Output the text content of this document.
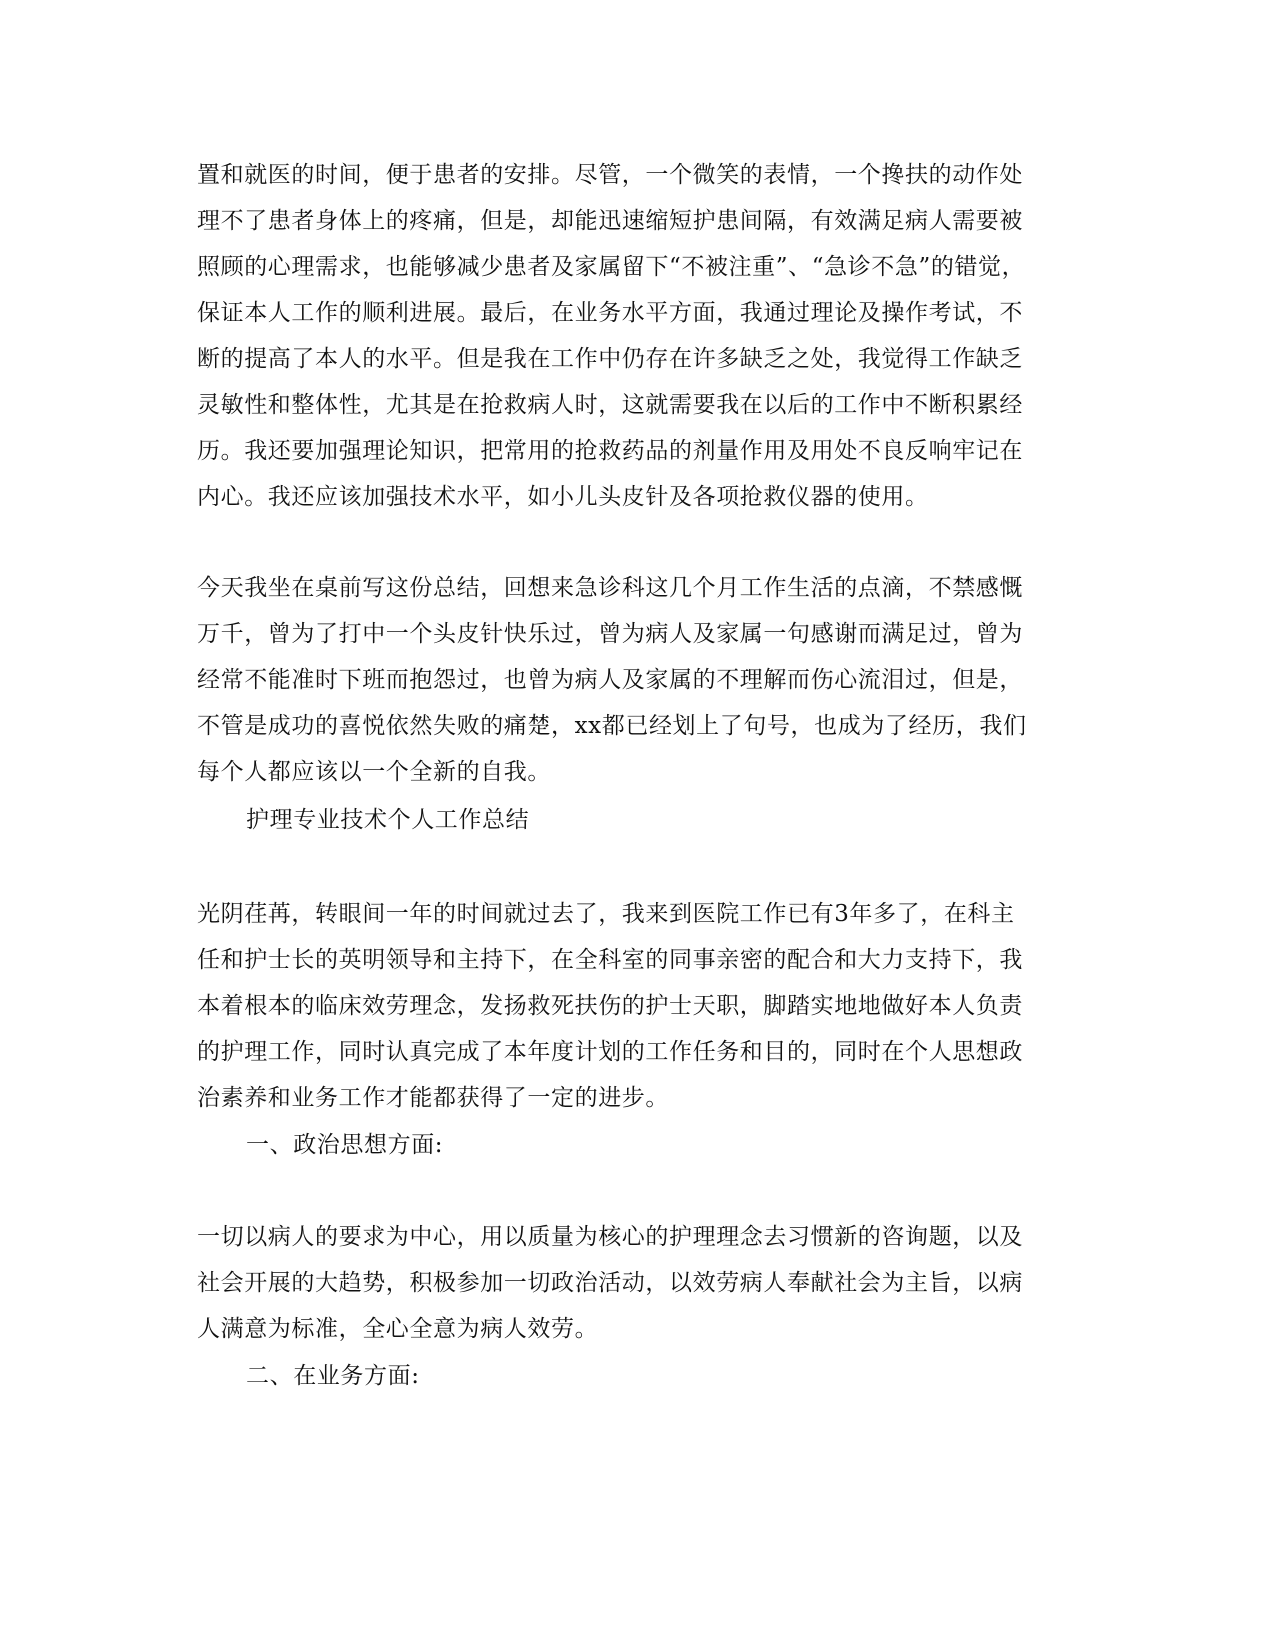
置和就医的时间，便于患者的安排。尽管，一个微笑的表情，一个搀扶的动作处
理不了患者身体上的疼痛，但是，却能迅速缩短护患间隔，有效满足病人需要被
照顾的心理需求，也能够减少患者及家属留下“不被注重”、“急诊不急”的错觉，
保证本人工作的顺利进展。最后，在业务水平方面，我通过理论及操作考试，不
断的提高了本人的水平。但是我在工作中仍存在许多缺乏之处，我觉得工作缺乏
灵敏性和整体性，尤其是在抢救病人时，这就需要我在以后的工作中不断积累经
历。我还要加强理论知识，把常用的抢救药品的剂量作用及用处不良反响牢记在
内心。我还应该加强技术水平，如小儿头皮针及各项抢救仪器的使用。
今天我坐在桌前写这份总结，回想来急诊科这几个月工作生活的点滴，不禁感慨
万千，曾为了打中一个头皮针快乐过，曾为病人及家属一句感谢而满足过，曾为
经常不能准时下班而抱怨过，也曾为病人及家属的不理解而伤心流泪过，但是，
不管是成功的喜悦依然失败的痛楚，xx都已经划上了句号，也成为了经历，我们
每个人都应该以一个全新的自我。
护理专业技术个人工作总结
光阴荏苒，转眼间一年的时间就过去了，我来到医院工作已有3年多了，在科主
任和护士长的英明领导和主持下，在全科室的同事亲密的配合和大力支持下，我
本着根本的临床效劳理念，发扬救死扶伤的护士天职，脚踏实地地做好本人负责
的护理工作，同时认真完成了本年度计划的工作任务和目的，同时在个人思想政
治素养和业务工作才能都获得了一定的进步。
一、政治思想方面:
一切以病人的要求为中心，用以质量为核心的护理理念去习惯新的咨询题，以及
社会开展的大趋势，积极参加一切政治活动，以效劳病人奉献社会为主旨，以病
人满意为标准，全心全意为病人效劳。
二、在业务方面:
